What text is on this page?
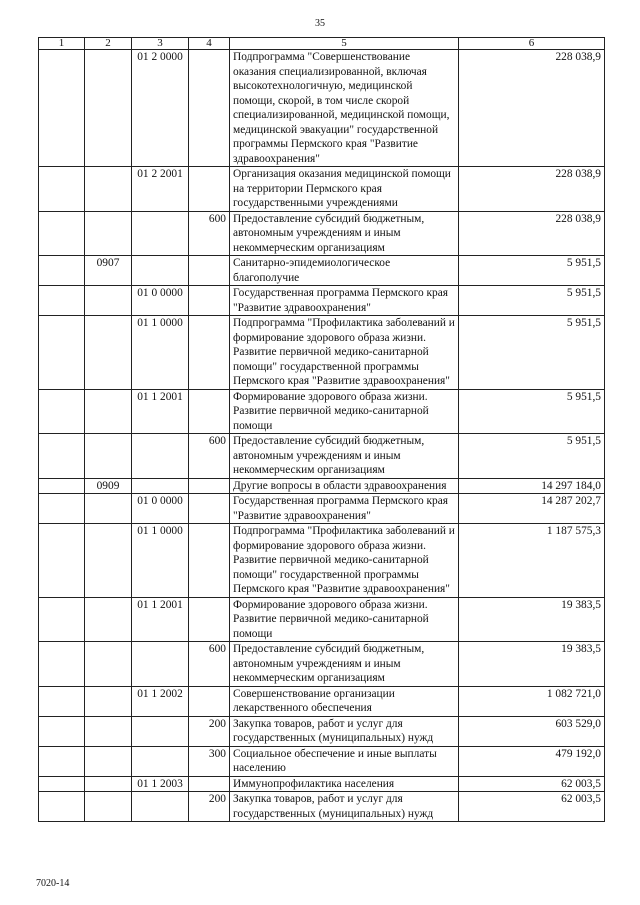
35
1	2	3	4	5	6
		01 2 0000		Подпрограмма "Совершенствование оказания специализированной, включая высокотехнологичную, медицинской помощи, скорой, в том числе скорой специализированной, медицинской помощи, медицинской эвакуации" государственной программы Пермского края "Развитие здравоохранения"	228 038,9
		01 2 2001		Организация оказания медицинской помощи на территории Пермского края государственными учреждениями	228 038,9
			600	Предоставление субсидий бюджетным, автономным учреждениям и иным некоммерческим организациям	228 038,9
	0907			Санитарно-эпидемиологическое благополучие	5 951,5
		01 0 0000		Государственная программа Пермского края "Развитие здравоохранения"	5 951,5
		01 1 0000		Подпрограмма "Профилактика заболеваний и формирование здорового образа жизни. Развитие первичной медико-санитарной помощи" государственной программы Пермского края "Развитие здравоохранения"	5 951,5
		01 1 2001		Формирование здорового образа жизни. Развитие первичной медико-санитарной помощи	5 951,5
			600	Предоставление субсидий бюджетным, автономным учреждениям и иным некоммерческим организациям	5 951,5
	0909			Другие вопросы в области здравоохранения	14 297 184,0
		01 0 0000		Государственная программа Пермского края "Развитие здравоохранения"	14 287 202,7
		01 1 0000		Подпрограмма "Профилактика заболеваний и формирование здорового образа жизни. Развитие первичной медико-санитарной помощи" государственной программы Пермского края "Развитие здравоохранения"	1 187 575,3
		01 1 2001		Формирование здорового образа жизни. Развитие первичной медико-санитарной помощи	19 383,5
			600	Предоставление субсидий бюджетным, автономным учреждениям и иным некоммерческим организациям	19 383,5
		01 1 2002		Совершенствование организации лекарственного обеспечения	1 082 721,0
			200	Закупка товаров, работ и услуг для государственных (муниципальных) нужд	603 529,0
			300	Социальное обеспечение и иные выплаты населению	479 192,0
		01 1 2003		Иммунопрофилактика населения	62 003,5
			200	Закупка товаров, работ и услуг для государственных (муниципальных) нужд	62 003,5
7020-14
